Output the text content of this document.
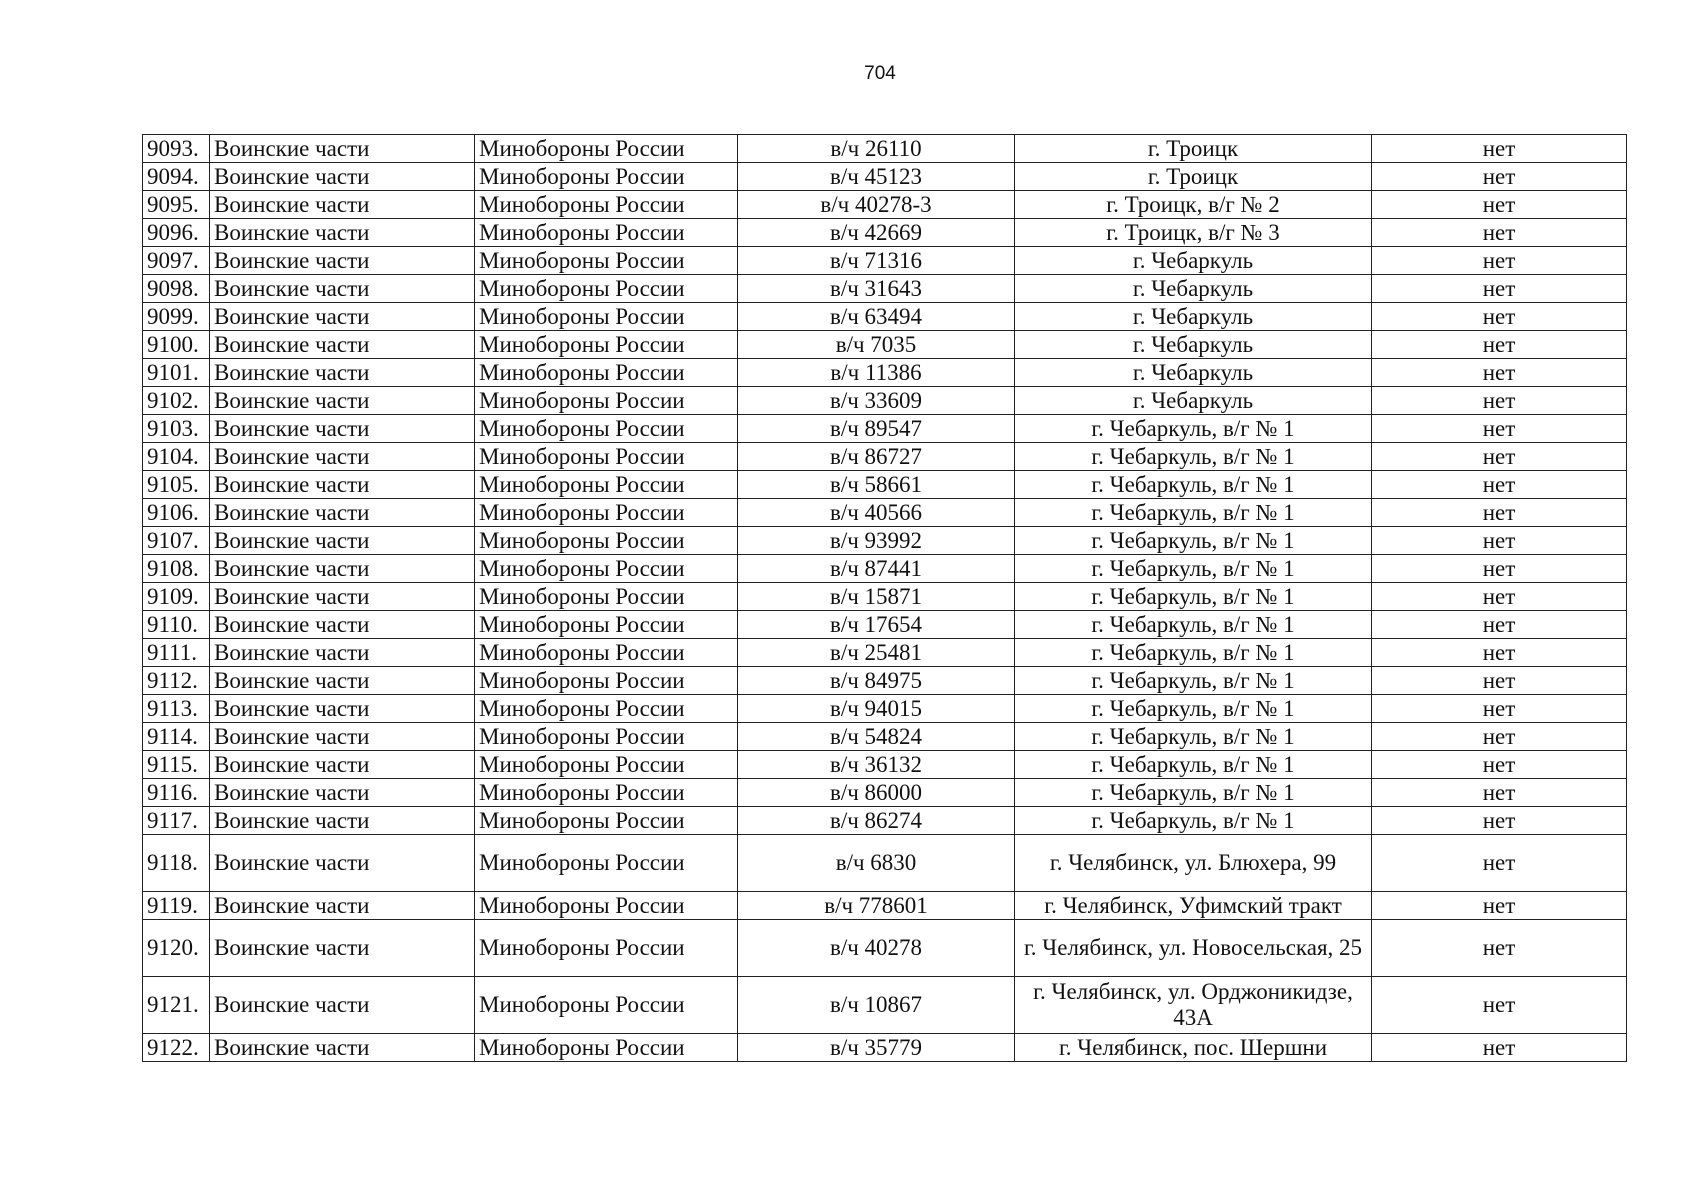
704
9093.	Воинские части	Минобороны России	в/ч 26110	г. Троицк	нет
9094.	Воинские части	Минобороны России	в/ч 45123	г. Троицк	нет
9095.	Воинские части	Минобороны России	в/ч 40278-3	г. Троицк, в/г № 2	нет
9096.	Воинские части	Минобороны России	в/ч 42669	г. Троицк, в/г № 3	нет
9097.	Воинские части	Минобороны России	в/ч 71316	г. Чебаркуль	нет
9098.	Воинские части	Минобороны России	в/ч 31643	г. Чебаркуль	нет
9099.	Воинские части	Минобороны России	в/ч 63494	г. Чебаркуль	нет
9100.	Воинские части	Минобороны России	в/ч 7035	г. Чебаркуль	нет
9101.	Воинские части	Минобороны России	в/ч 11386	г. Чебаркуль	нет
9102.	Воинские части	Минобороны России	в/ч 33609	г. Чебаркуль	нет
9103.	Воинские части	Минобороны России	в/ч 89547	г. Чебаркуль, в/г № 1	нет
9104.	Воинские части	Минобороны России	в/ч 86727	г. Чебаркуль, в/г № 1	нет
9105.	Воинские части	Минобороны России	в/ч 58661	г. Чебаркуль, в/г № 1	нет
9106.	Воинские части	Минобороны России	в/ч 40566	г. Чебаркуль, в/г № 1	нет
9107.	Воинские части	Минобороны России	в/ч 93992	г. Чебаркуль, в/г № 1	нет
9108.	Воинские части	Минобороны России	в/ч 87441	г. Чебаркуль, в/г № 1	нет
9109.	Воинские части	Минобороны России	в/ч 15871	г. Чебаркуль, в/г № 1	нет
9110.	Воинские части	Минобороны России	в/ч 17654	г. Чебаркуль, в/г № 1	нет
9111.	Воинские части	Минобороны России	в/ч 25481	г. Чебаркуль, в/г № 1	нет
9112.	Воинские части	Минобороны России	в/ч 84975	г. Чебаркуль, в/г № 1	нет
9113.	Воинские части	Минобороны России	в/ч 94015	г. Чебаркуль, в/г № 1	нет
9114.	Воинские части	Минобороны России	в/ч 54824	г. Чебаркуль, в/г № 1	нет
9115.	Воинские части	Минобороны России	в/ч 36132	г. Чебаркуль, в/г № 1	нет
9116.	Воинские части	Минобороны России	в/ч 86000	г. Чебаркуль, в/г № 1	нет
9117.	Воинские части	Минобороны России	в/ч 86274	г. Чебаркуль, в/г № 1	нет
9118.	Воинские части	Минобороны России	в/ч 6830	г. Челябинск, ул. Блюхера, 99	нет
9119.	Воинские части	Минобороны России	в/ч 778601	г. Челябинск, Уфимский тракт	нет
9120.	Воинские части	Минобороны России	в/ч 40278	г. Челябинск, ул. Новосельская, 25	нет
9121.	Воинские части	Минобороны России	в/ч 10867	г. Челябинск, ул. Орджоникидзе, 43А	нет
9122.	Воинские части	Минобороны России	в/ч 35779	г. Челябинск, пос. Шершни	нет
